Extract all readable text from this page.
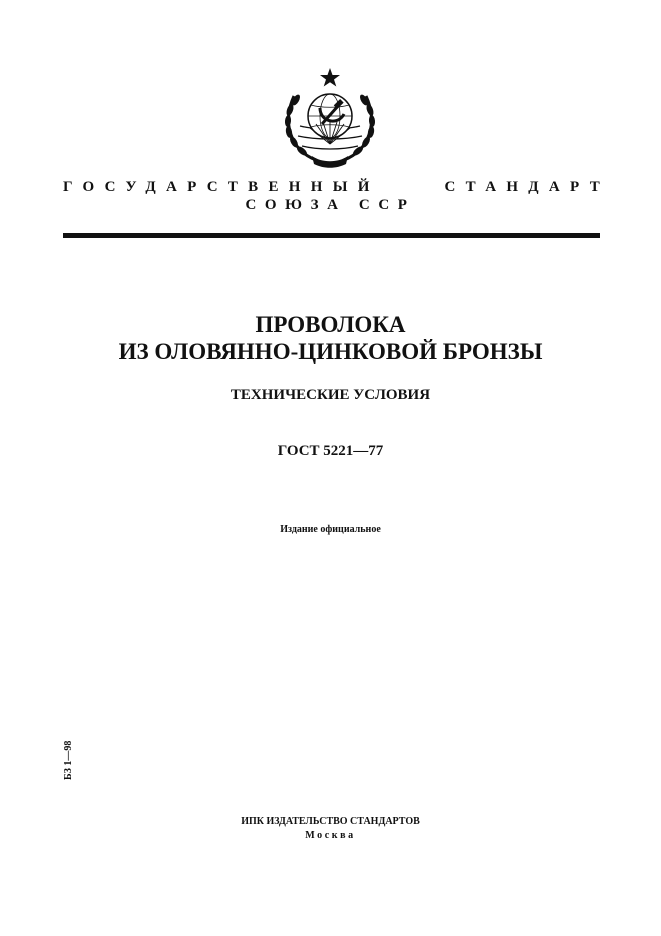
ГОСУДАРСТВЕННЫЙ	СТАНДАРТ
СОЮЗА ССР
ПРОВОЛОКА
ИЗ ОЛОВЯННО-ЦИНКОВОЙ БРОНЗЫ
ТЕХНИЧЕСКИЕ УСЛОВИЯ
ГОСТ 5221—77
Издание официальное
БЗ 1—98
ИПК ИЗДАТЕЛЬСТВО СТАНДАРТОВ
Москва
